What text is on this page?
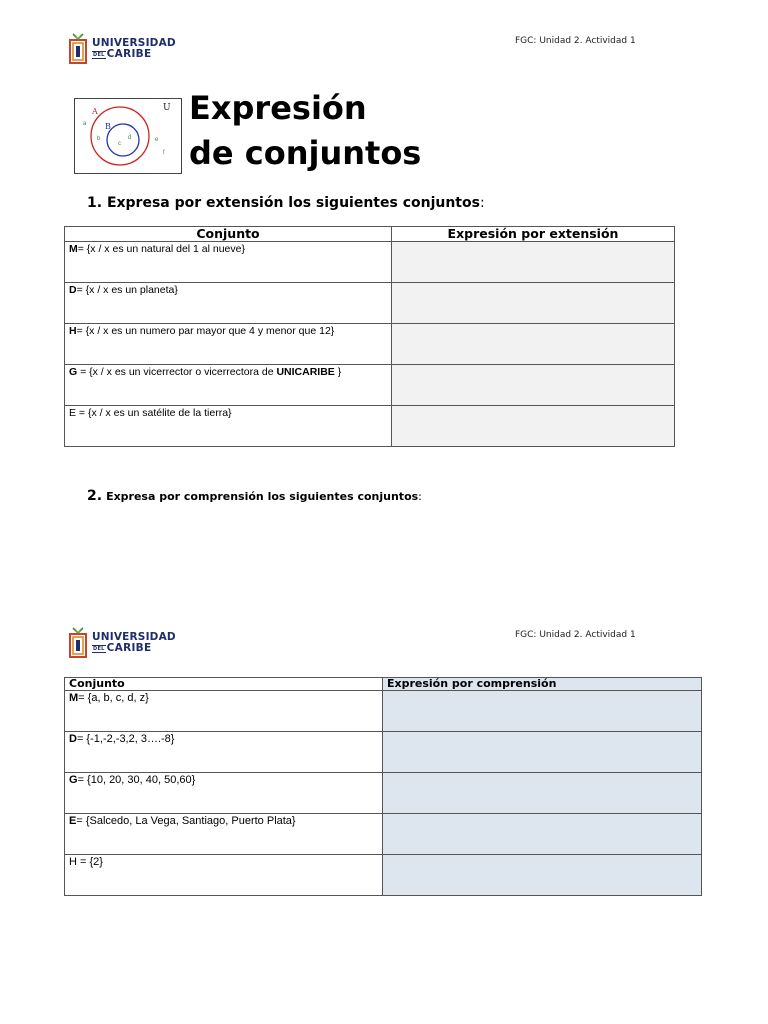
UNIVERSIDAD
DEL CARIBE
FGC: Unidad 2. Actividad 1
U
A
B
a
b
c
d	e
f
Expresión
de conjuntos
1. Expresa por extensión los siguientes conjuntos:
Conjunto	Expresión por extensión
M= {x / x es un natural del 1 al nueve}	
D= {x / x es un planeta}	
H= {x / x es un numero par mayor que 4 y menor que 12}	
G = {x / x es un vicerrector o vicerrectora de UNICARIBE }	
E = {x / x es un satélite de la tierra}	
2. Expresa por comprensión los siguientes conjuntos:
UNIVERSIDAD
DEL CARIBE
FGC: Unidad 2. Actividad 1
Conjunto	Expresión por comprensión
M= {a, b, c, d, z}	
D= {-1,-2,-3,2, 3….-8}	
G= {10, 20, 30, 40, 50,60}	
E= {Salcedo, La Vega, Santiago, Puerto Plata}	
H = {2}	
